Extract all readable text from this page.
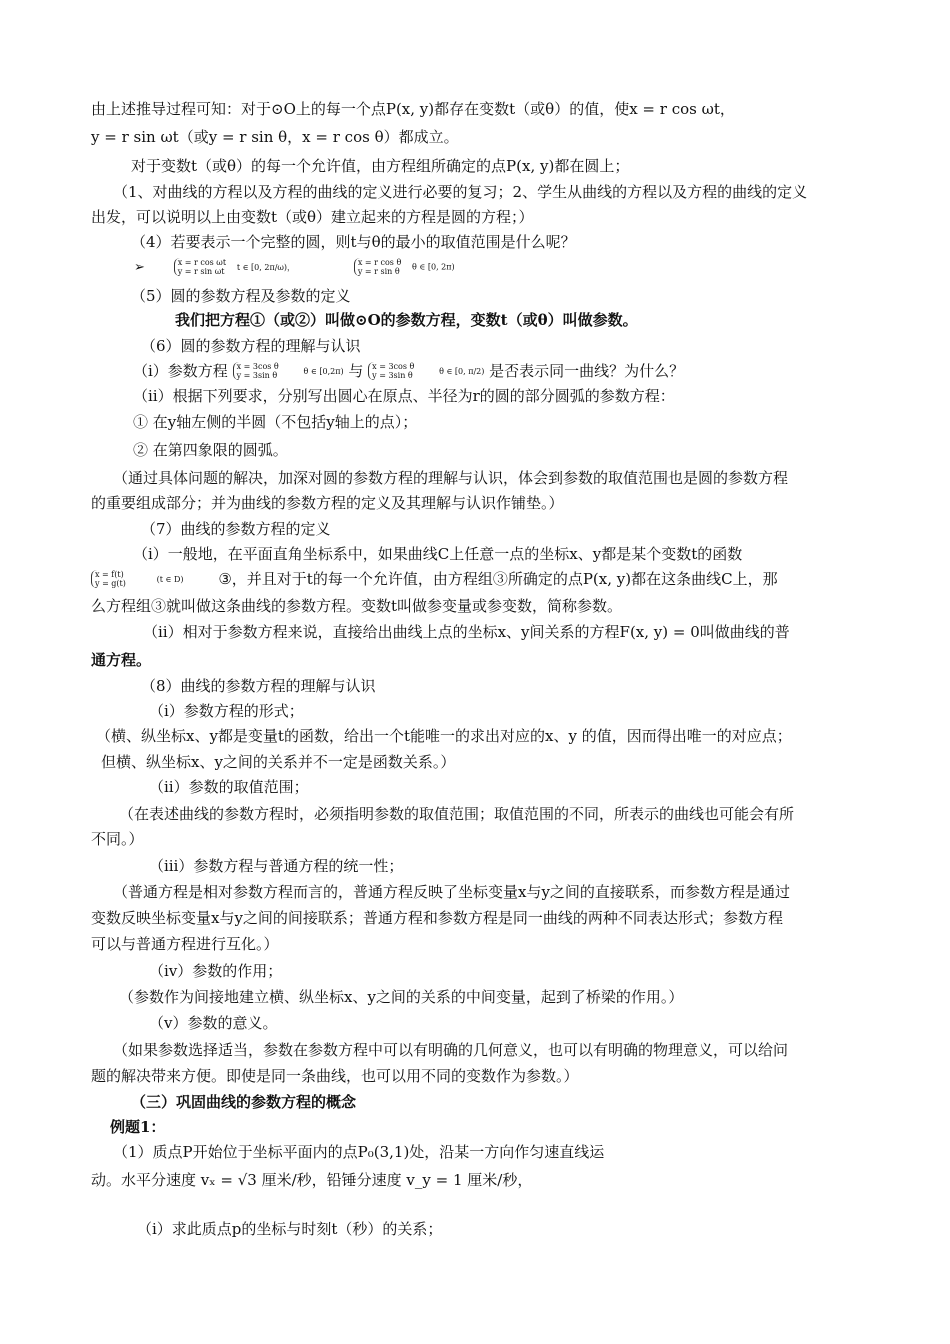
由上述推导过程可知：对于⊙O上的每一个点P(x, y)都存在变数t（或θ）的值，使x = r cos ωt，
y = r sin ωt（或y = r sin θ，x = r cos θ）都成立。
对于变数t（或θ）的每一个允许值，由方程组所确定的点P(x, y)都在圆上；
（1、对曲线的方程以及方程的曲线的定义进行必要的复习；2、学生从曲线的方程以及方程的曲线的定义
出发，可以说明以上由变数t（或θ）建立起来的方程是圆的方程；）
（4）若要表示一个完整的圆，则t与θ的最小的取值范围是什么呢？
➢	x = r cos ωt
y = r sin ωt t ∈ [0, 2π/ω)，	x = r cos θ
y = r sin θ θ ∈ [0, 2π)
（5）圆的参数方程及参数的定义
我们把方程①（或②）叫做⊙O的参数方程，变数t（或θ）叫做参数。
（6）圆的参数方程的理解与认识
（ⅰ）参数方程 x = 3cos θ
y = 3sin θ	θ ∈ [0,2π) 与 x = 3cos θ
y = 3sin θ	θ ∈ [0, π/2) 是否表示同一曲线？为什么？
（ⅱ）根据下列要求，分别写出圆心在原点、半径为r的圆的部分圆弧的参数方程：
① 在y轴左侧的半圆（不包括y轴上的点）；
② 在第四象限的圆弧。
（通过具体问题的解决，加深对圆的参数方程的理解与认识，体会到参数的取值范围也是圆的参数方程
的重要组成部分；并为曲线的参数方程的定义及其理解与认识作铺垫。）
（7）曲线的参数方程的定义
（ⅰ）一般地，在平面直角坐标系中，如果曲线C上任意一点的坐标x、y都是某个变数t的函数
x = f(t)
y = g(t)	(t ∈ D) ③，并且对于t的每一个允许值，由方程组③所确定的点P(x, y)都在这条曲线C上，那
么方程组③就叫做这条曲线的参数方程。变数t叫做参变量或参变数，简称参数。
（ⅱ）相对于参数方程来说，直接给出曲线上点的坐标x、y间关系的方程F(x, y) = 0叫做曲线的普
通方程。
（8）曲线的参数方程的理解与认识
（ⅰ）参数方程的形式；
（横、纵坐标x、y都是变量t的函数，给出一个t能唯一的求出对应的x、y 的值，因而得出唯一的对应点；
但横、纵坐标x、y之间的关系并不一定是函数关系。）
（ⅱ）参数的取值范围；
（在表述曲线的参数方程时，必须指明参数的取值范围；取值范围的不同，所表示的曲线也可能会有所
不同。）
（ⅲ）参数方程与普通方程的统一性；
（普通方程是相对参数方程而言的，普通方程反映了坐标变量x与y之间的直接联系，而参数方程是通过
变数反映坐标变量x与y之间的间接联系；普通方程和参数方程是同一曲线的两种不同表达形式；参数方程
可以与普通方程进行互化。）
（ⅳ）参数的作用；
（参数作为间接地建立横、纵坐标x、y之间的关系的中间变量，起到了桥梁的作用。）
（ⅴ）参数的意义。
（如果参数选择适当，参数在参数方程中可以有明确的几何意义，也可以有明确的物理意义，可以给问
题的解决带来方便。即使是同一条曲线，也可以用不同的变数作为参数。）
（三）巩固曲线的参数方程的概念
例题1：
（1）质点P开始位于坐标平面内的点P₀(3,1)处，沿某一方向作匀速直线运
动。水平分速度 vₓ = √3 厘米/秒，铅锤分速度 v_y = 1 厘米/秒，
（ⅰ）求此质点p的坐标与时刻t（秒）的关系；
